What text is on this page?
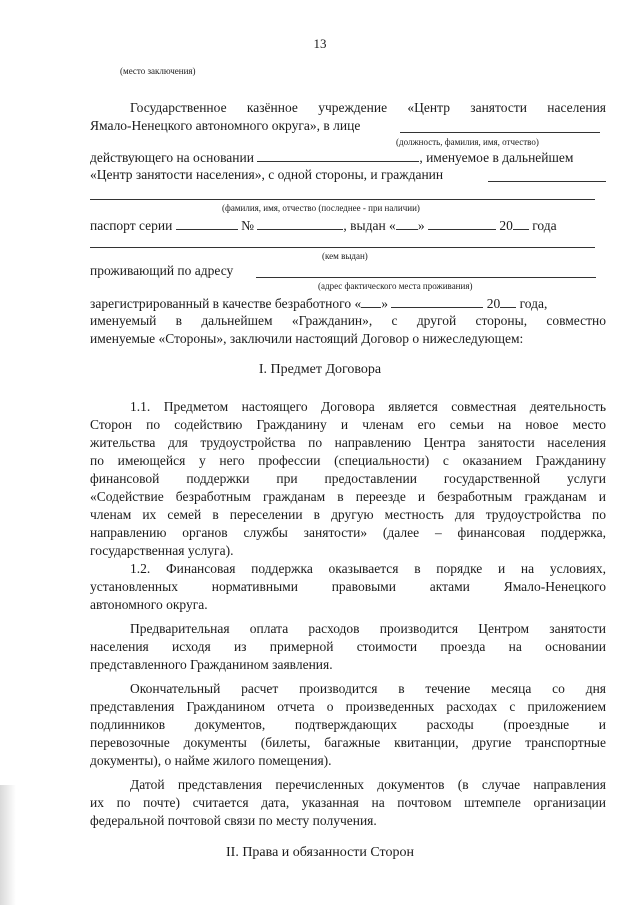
13
(место заключения)
Государственное казённое учреждение «Центр занятости населения
Ямало-Ненецкого автономного округа», в лице
(должность, фамилия, имя, отчество)
действующего на основании	, именуемое в дальнейшем
«Центр занятости населения», с одной стороны, и гражданин
(фамилия, имя, отчество (последнее - при наличии)
паспорт серии	№	, выдан « »	20 года
(кем выдан)
проживающий по адресу
(адрес фактического места проживания)
зарегистрированный в качестве безработного « »	20 года,
именуемый в дальнейшем «Гражданин», с другой стороны, совместно
именуемые «Стороны», заключили настоящий Договор о нижеследующем:
I. Предмет Договора
1.1. Предметом настоящего Договора является совместная деятельность
Сторон по содействию Гражданину и членам его семьи на новое место
жительства для трудоустройства по направлению Центра занятости населения
по имеющейся у него профессии (специальности) с оказанием Гражданину
финансовой поддержки при предоставлении государственной услуги
«Содействие безработным гражданам в переезде и безработным гражданам и
членам их семей в переселении в другую местность для трудоустройства по
направлению органов службы занятости» (далее – финансовая поддержка,
государственная услуга).
1.2. Финансовая поддержка оказывается в порядке и на условиях,
установленных нормативными правовыми актами Ямало-Ненецкого
автономного округа.
Предварительная оплата расходов производится Центром занятости
населения исходя из примерной стоимости проезда на основании
представленного Гражданином заявления.
Окончательный расчет производится в течение месяца со дня
представления Гражданином отчета о произведенных расходах с приложением
подлинников документов, подтверждающих расходы (проездные и
перевозочные документы (билеты, багажные квитанции, другие транспортные
документы), о найме жилого помещения).
Датой представления перечисленных документов (в случае направления
их по почте) считается дата, указанная на почтовом штемпеле организации
федеральной почтовой связи по месту получения.
II. Права и обязанности Сторон
